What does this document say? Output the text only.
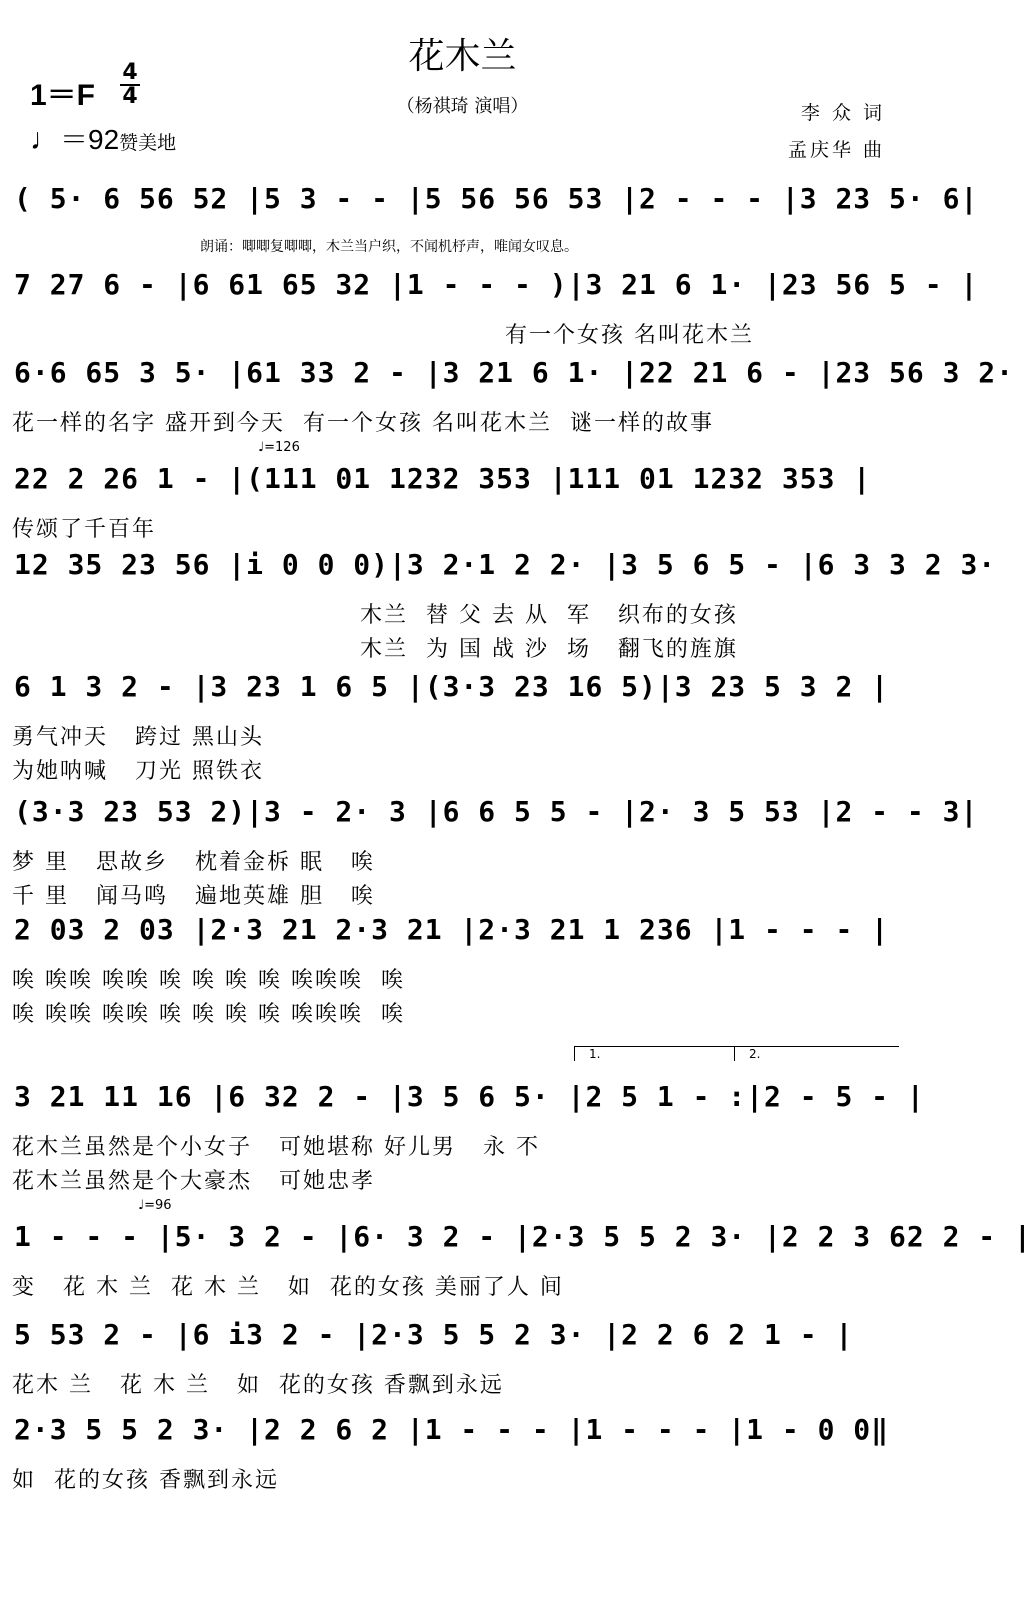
花木兰
（杨祺琦 演唱）
$1=F \frac{4}{4}$
♩＝92赞美地
李 众 词
孟庆华 曲
朗诵：唧唧复唧唧，木兰当户织，不闻机杼声，唯闻女叹息。
♩=126
♩=96
1.	2.
( 5· 6 56 52 |5 3 - - |5 56 56 53 |2 - - - |3 23 5· 6|
7 27 6 - |6 61 65 32 |1 - - - )|3 21 6 1· |23 56 5 - |
有一个女孩 名叫花木兰
6·6 65 3 5· |61 33 2 - |3 21 6 1· |22 21 6 - |23 56 3 2·
花一样的名字 盛开到今天  有一个女孩 名叫花木兰  谜一样的故事
22 2 26 1 - |(111 01 1232 353 |111 01 1232 353 |
传颂了千百年
12 35 23 56 |i 0 0 0)|3 2·1 2 2· |3 5 6 5 - |6 3 3 2 3·
木兰  替 父 去 从  军   织布的女孩
木兰  为 国 战 沙  场   翻飞的旌旗
6 1 3 2 - |3 23 1 6 5 |(3·3 23 16 5)|3 23 5 3 2 |
勇气冲天   跨过 黑山头
为她呐喊   刀光 照铁衣
(3·3 23 53 2)|3 - 2· 3 |6 6 5 5 - |2· 3 5 53 |2 - - 3|
梦 里   思故乡   枕着金柝 眠   唉
千 里   闻马鸣   遍地英雄 胆   唉
2 03 2 03 |2·3 21 2·3 21 |2·3 21 1 236 |1 - - - |
唉 唉唉 唉唉 唉 唉 唉 唉 唉唉唉  唉
唉 唉唉 唉唉 唉 唉 唉 唉 唉唉唉  唉
3 21 11 16 |6 32 2 - |3 5 6 5· |2 5 1 - :|2 - 5 - |
花木兰虽然是个小女子   可她堪称 好儿男   永 不
花木兰虽然是个大豪杰   可她忠孝
1 - - - |5· 3 2 - |6· 3 2 - |2·3 5 5 2 3· |2 2 3 62 2 - |
变   花 木 兰  花 木 兰   如  花的女孩 美丽了人 间
5 53 2 - |6 i3 2 - |2·3 5 5 2 3· |2 2 6 2 1 - |
花木 兰   花 木 兰   如  花的女孩 香飘到永远
2·3 5 5 2 3· |2 2 6 2 |1 - - - |1 - - - |1 - 0 0‖
如  花的女孩 香飘到永远
